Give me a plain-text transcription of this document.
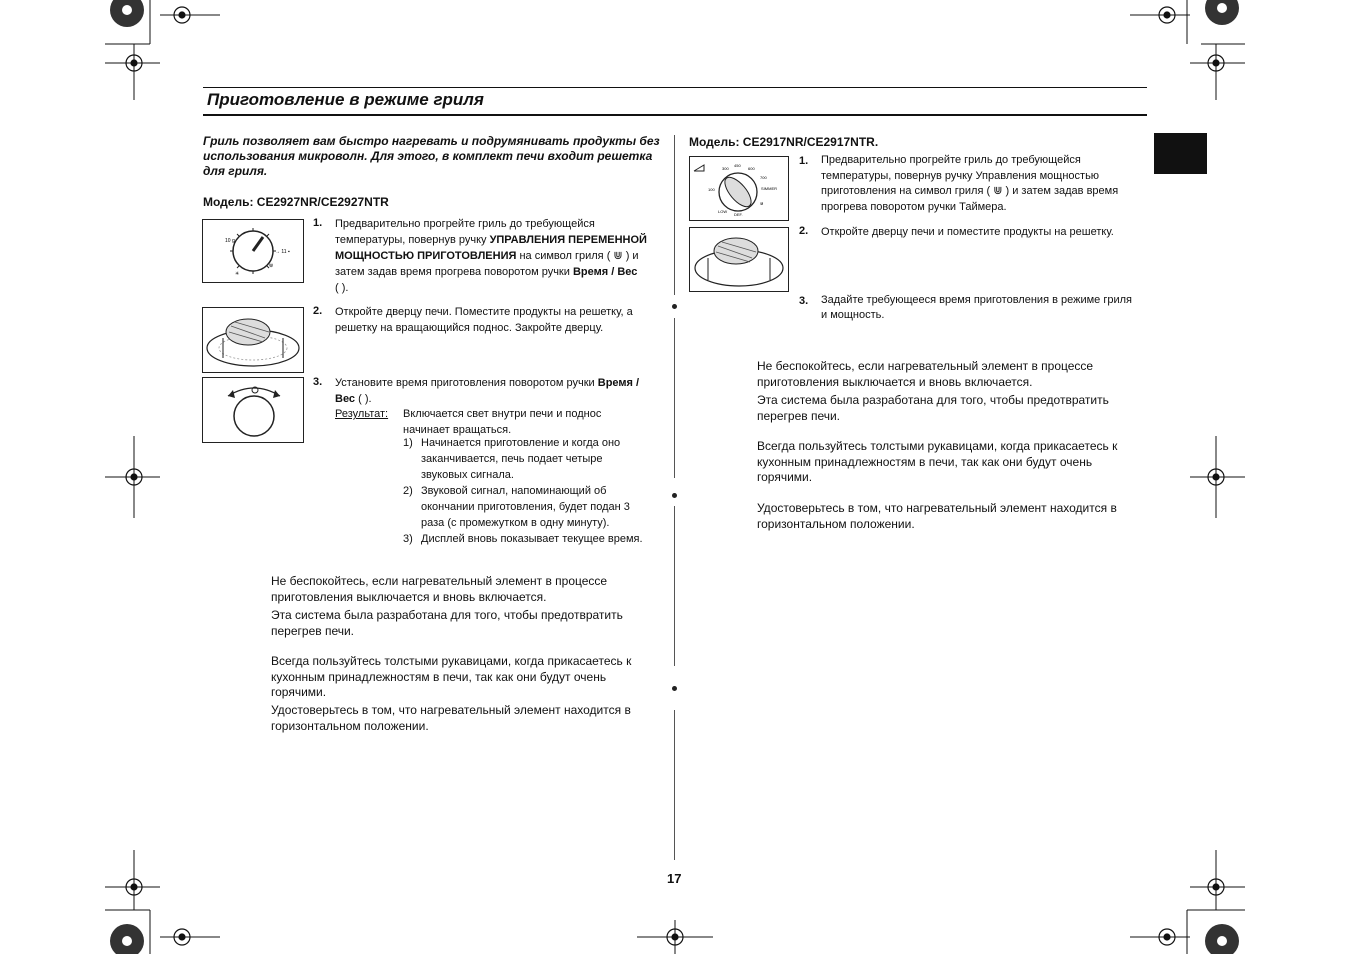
Приготовление в режиме гриля
Гриль позволяет вам быстро нагревать и подрумянивать продукты без использования микроволн. Для этого, в комплект печи входит решетка для гриля.
Модель: CE2927NR/CE2927NTR
10 g
→ 11 ▪
✳
⋓
1. Предварительно прогрейте гриль до требующейся
температуры, повернув ручку УПРАВЛЕНИЯ ПЕРЕМЕННОЙ
МОЩНОСТЬЮ ПРИГОТОВЛЕНИЯ на символ гриля ( ⋓ ) и
затем задав время прогрева поворотом ручки Время / Вес
( ).
2. Откройте дверцу печи. Поместите продукты на решетку, а
решетку на вращающийся поднос. Закройте дверцу.
3. Установите время приготовления поворотом ручки Время /
Вес ( ).
Результат: Включается свет внутри печи и поднос
начинает вращаться.
1) Начинается приготовление и когда оно
заканчивается, печь подает четыре
звуковых сигнала.
2) Звуковой сигнал, напоминающий об
окончании приготовления, будет подан 3
раза (с промежутком в одну минуту).
3) Дисплей вновь показывает текущее время.
Не беспокойтесь, если нагревательный элемент в процессе
приготовления выключается и вновь включается.
Эта система была разработана для того, чтобы предотвратить
перегрев печи.
Всегда пользуйтесь толстыми рукавицами, когда прикасаетесь к
кухонным принадлежностям в печи, так как они будут очень
горячими.
Удостоверьтесь в том, что нагревательный элемент находится в
горизонтальном положении.
Модель: CE2917NR/CE2917NTR.
300
450
600
100
700
SIMMER
⋓
DEF.
LOW
1. Предварительно прогрейте гриль до требующейся
температуры, повернув ручку Управления мощностью
приготовления на символ гриля ( ⋓ ) и затем задав время
прогрева поворотом ручки Таймера.
2. Откройте дверцу печи и поместите продукты на решетку.
3. Задайте требующееся время приготовления в режиме гриля
и мощность.
Не беспокойтесь, если нагревательный элемент в процессе
приготовления выключается и вновь включается.
Эта система была разработана для того, чтобы предотвратить
перегрев печи.
Всегда пользуйтесь толстыми рукавицами, когда прикасаетесь к
кухонным принадлежностям в печи, так как они будут очень
горячими.
Удостоверьтесь в том, что нагревательный элемент находится в
горизонтальном положении.
17
